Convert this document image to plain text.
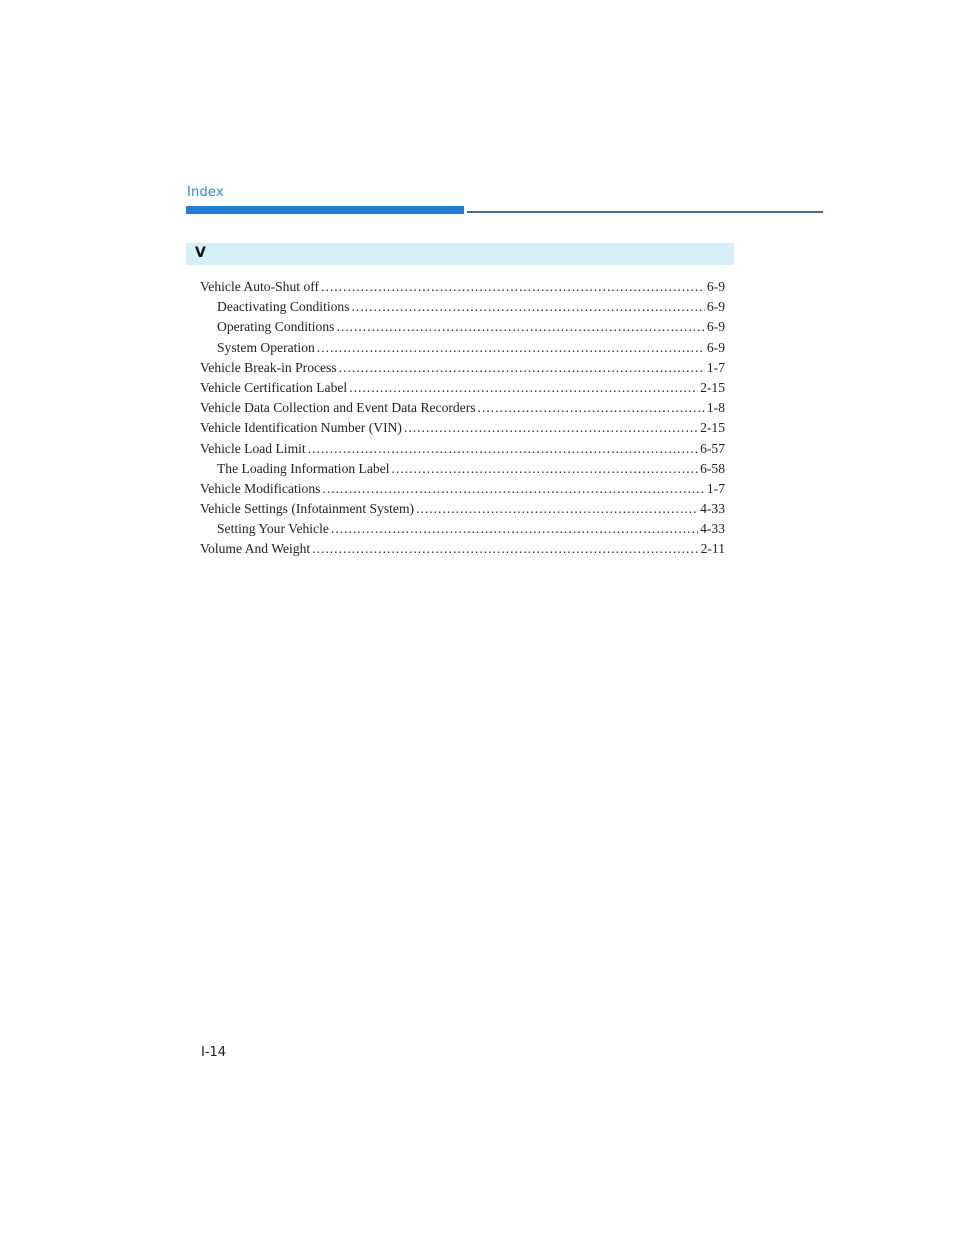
Index
V
Vehicle Auto-Shut off .....	6-9
Deactivating Conditions .....	6-9
Operating Conditions .....	6-9
System Operation .....	6-9
Vehicle Break-in Process .....	1-7
Vehicle Certification Label .....	2-15
Vehicle Data Collection and Event Data Recorders .....	1-8
Vehicle Identification Number (VIN) .....	2-15
Vehicle Load Limit .....	6-57
The Loading Information Label .....	6-58
Vehicle Modifications .....	1-7
Vehicle Settings (Infotainment System) .....	4-33
Setting Your Vehicle .....	4-33
Volume And Weight .....	2-11
I-14
